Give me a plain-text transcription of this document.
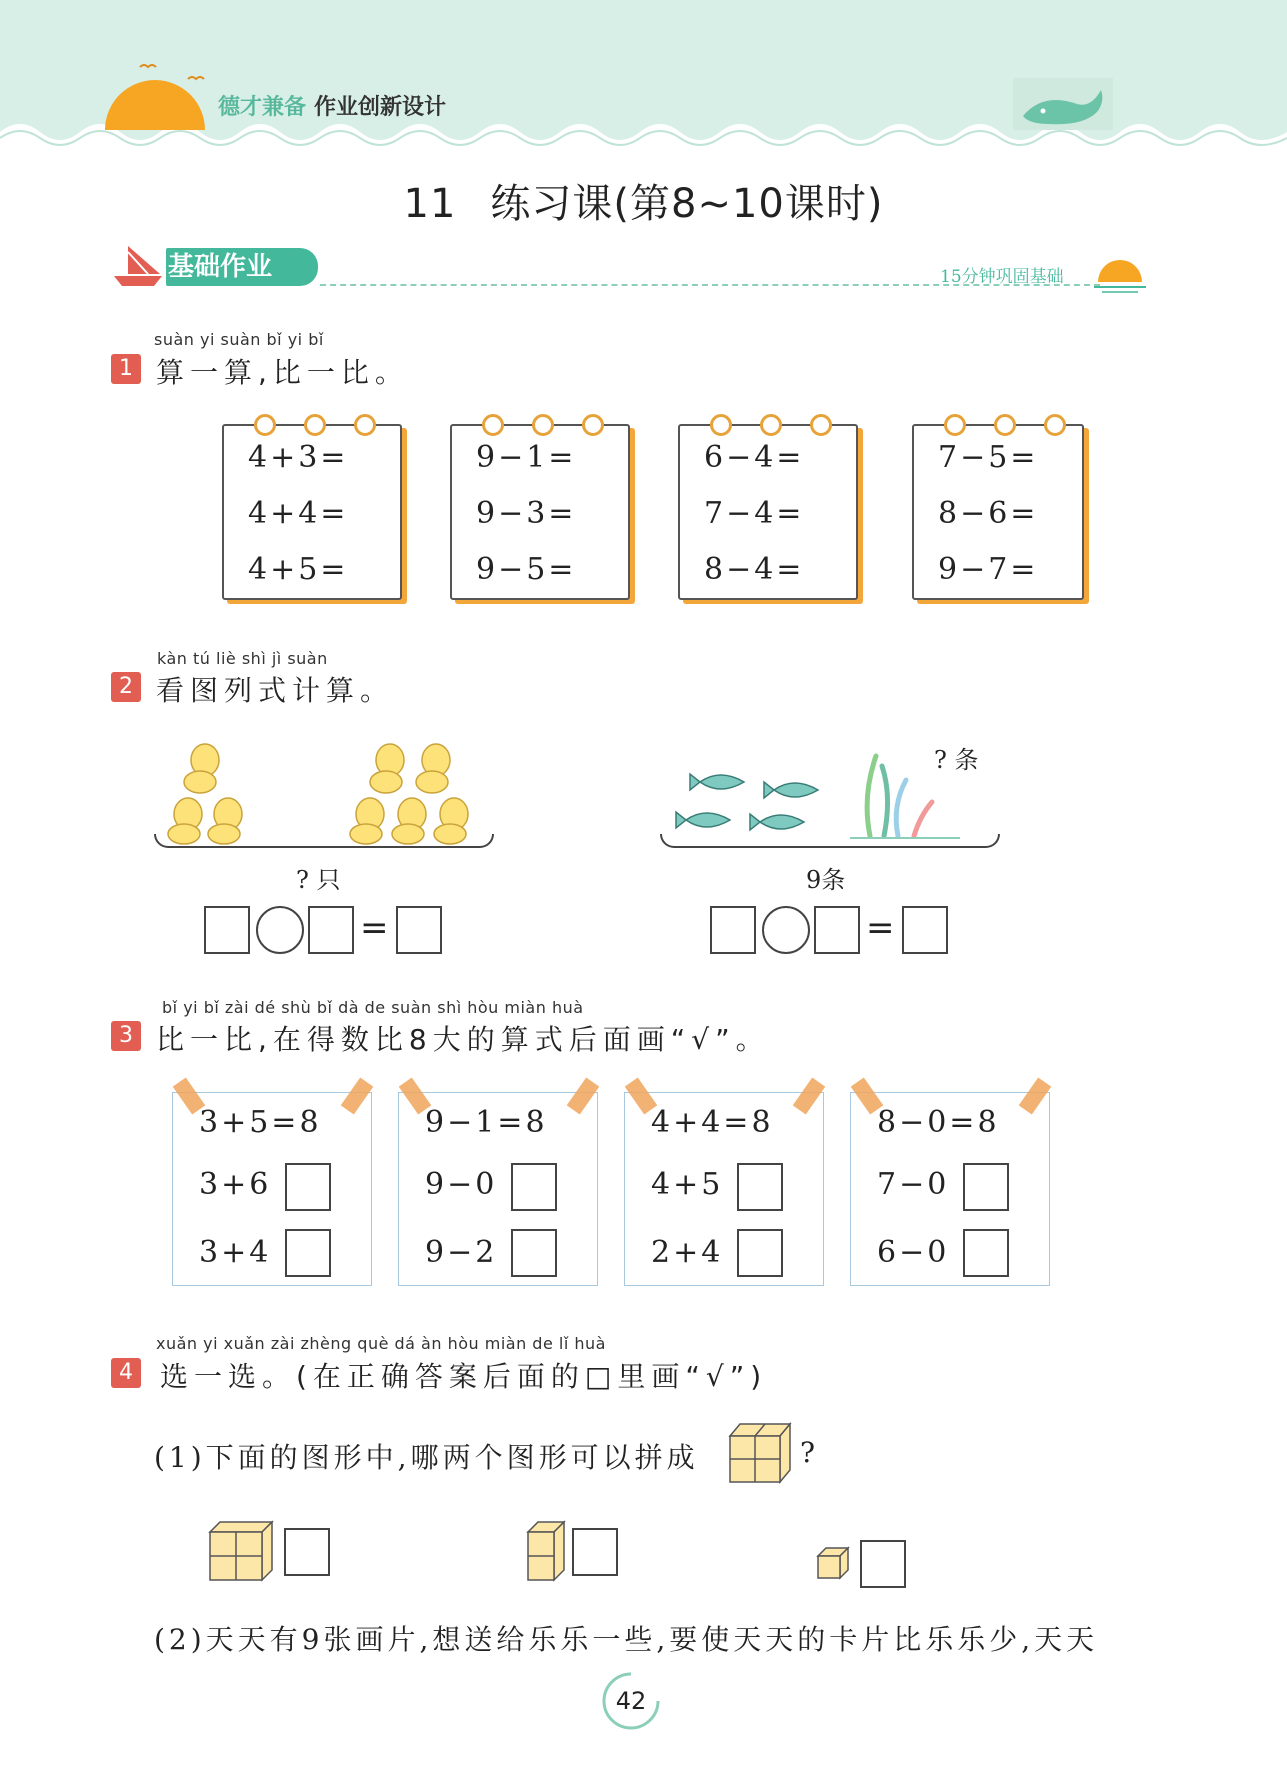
德才兼备 作业创新设计
11 练习课(第8~10课时)
基础作业	15分钟巩固基础
suàn yi suàn bǐ yi bǐ
1 算一算,比一比。
4+3=
4+4=
4+5=
9−1=
9−3=
9−5=
6−4=
7−4=
8−4=
7−5=
8−6=
9−7=
kàn tú liè shì jì suàn
2 看图列式计算。
? 只
=
? 条
9条
=
bǐ yi bǐ zài dé shù bǐ dà de suàn shì hòu miàn huà
3 比一比,在得数比8大的算式后面画“√”。
3+5=8
3+6
3+4
9−1=8
9−0
9−2
4+4=8
4+5
2+4
8−0=8
7−0
6−0
xuǎn yi xuǎn zài zhèng què dá àn hòu miàn de lǐ huà
4 选一选。(在正确答案后面的□里画“√”)
(1)下面的图形中,哪两个图形可以拼成	?
(2)天天有9张画片,想送给乐乐一些,要使天天的卡片比乐乐少,天天
42
